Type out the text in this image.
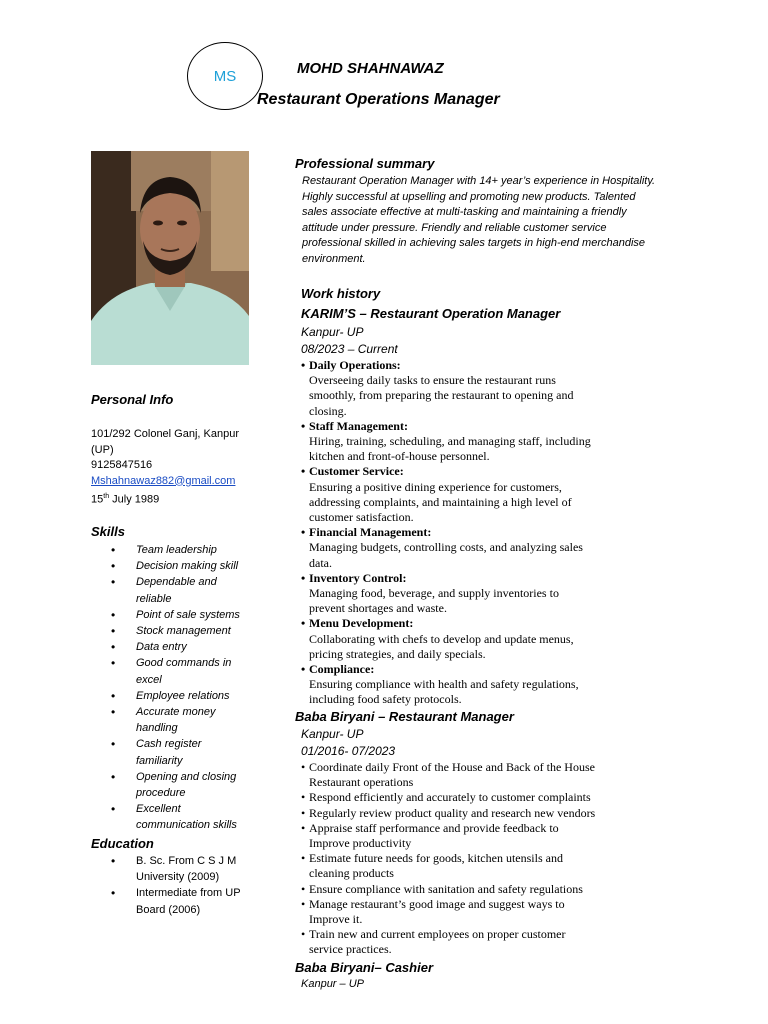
MS	MOHD SHAHNAWAZ
Restaurant Operations Manager
Personal Info
101/292 Colonel Ganj, Kanpur
(UP)
9125847516
Mshahnawaz882@gmail.com
15th July 1989
Skills
• Team leadership
• Decision making skill
• Dependable and
reliable
• Point of sale systems
• Stock management
• Data entry
• Good commands in
excel
• Employee relations
• Accurate money
handling
• Cash register
familiarity
• Opening and closing
procedure
• Excellent
communication skills
Education
• B. Sc. From C S J M
University (2009)
• Intermediate from UP
Board (2006)
Professional summary
Restaurant Operation Manager with 14+ year’s experience in Hospitality.
Highly successful at upselling and promoting new products. Talented
sales associate effective at multi-tasking and maintaining a friendly
attitude under pressure. Friendly and reliable customer service
professional skilled in achieving sales targets in high-end merchandise
environment.
Work history
KARIM’S – Restaurant Operation Manager
Kanpur- UP
08/2023 – Current
• Daily Operations:
Overseeing daily tasks to ensure the restaurant runs
smoothly, from preparing the restaurant to opening and
closing.
• Staff Management:
Hiring, training, scheduling, and managing staff, including
kitchen and front-of-house personnel.
• Customer Service:
Ensuring a positive dining experience for customers,
addressing complaints, and maintaining a high level of
customer satisfaction.
• Financial Management:
Managing budgets, controlling costs, and analyzing sales
data.
• Inventory Control:
Managing food, beverage, and supply inventories to
prevent shortages and waste.
• Menu Development:
Collaborating with chefs to develop and update menus,
pricing strategies, and daily specials.
• Compliance:
Ensuring compliance with health and safety regulations,
including food safety protocols.
Baba Biryani – Restaurant Manager
Kanpur- UP
01/2016- 07/2023
• Coordinate daily Front of the House and Back of the House
Restaurant operations
• Respond efficiently and accurately to customer complaints
• Regularly review product quality and research new vendors
• Appraise staff performance and provide feedback to
Improve productivity
• Estimate future needs for goods, kitchen utensils and
cleaning products
• Ensure compliance with sanitation and safety regulations
• Manage restaurant’s good image and suggest ways to
Improve it.
• Train new and current employees on proper customer
service practices.
Baba Biryani– Cashier
Kanpur – UP
